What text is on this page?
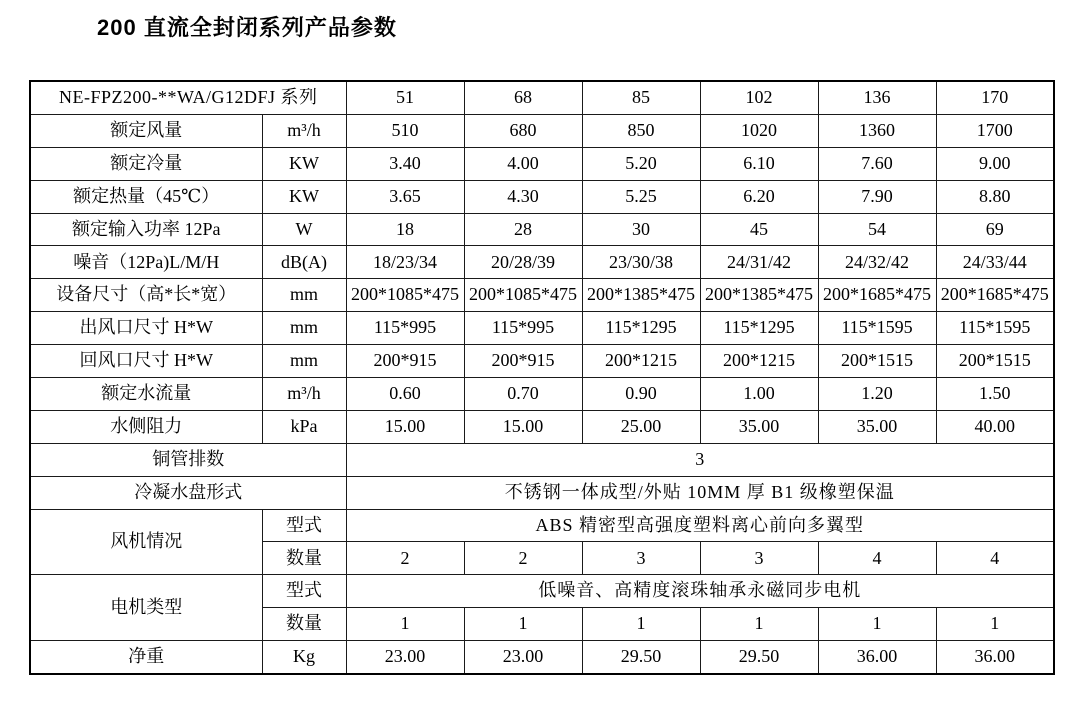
200 直流全封闭系列产品参数
NE-FPZ200-**WA/G12DFJ 系列		51	68	85	102	136	170
额定风量	m³/h	510	680	850	1020	1360	1700
额定冷量	KW	3.40	4.00	5.20	6.10	7.60	9.00
额定热量（45℃）	KW	3.65	4.30	5.25	6.20	7.90	8.80
额定输入功率 12Pa	W	18	28	30	45	54	69
噪音（12Pa)L/M/H	dB(A)	18/23/34	20/28/39	23/30/38	24/31/42	24/32/42	24/33/44
设备尺寸（高*长*宽）	mm	200*1085*475	200*1085*475	200*1385*475	200*1385*475	200*1685*475	200*1685*475
出风口尺寸 H*W	mm	115*995	115*995	115*1295	115*1295	115*1595	115*1595
回风口尺寸 H*W	mm	200*915	200*915	200*1215	200*1215	200*1515	200*1515
额定水流量	m³/h	0.60	0.70	0.90	1.00	1.20	1.50
水侧阻力	kPa	15.00	15.00	25.00	35.00	35.00	40.00
铜管排数		3					
冷凝水盘形式		不锈钢一体成型/外贴 10MM 厚 B1 级橡塑保温					
风机情况	型式	ABS 精密型高强度塑料离心前向多翼型					
	数量	2	2	3	3	4	4
电机类型	型式	低噪音、高精度滚珠轴承永磁同步电机					
	数量	1	1	1	1	1	1
净重	Kg	23.00	23.00	29.50	29.50	36.00	36.00
